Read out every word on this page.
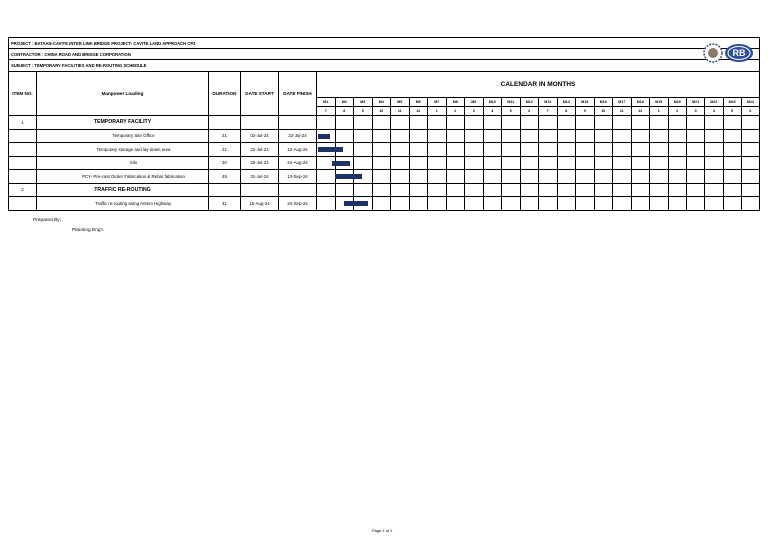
PROJECT : BATAAN-CAVITE INTER LINK BRIDGE PROJECT- CAVITE LAND APPROACH CP2
CONTRACTOR : CHINA ROAD AND BRIDGE CORPORATION
SUBJECT : TEMPORARY FACILITIES AND RE-ROUTING SCHEDULE
RB
ITEM NO.	Manpower Loading	DURATION	DATE START	DATE FINISH	CALENDAR IN MONTHS																							
					M1	M2	M3	M4	M5	M6	M7	M8	M9	M10	M11	M12	M13	M14	M15	M16	M17	M18	M19	M20	M21	M22	M23	M24
					7	8	9	10	11	12	1	2	3	4	5	6	7	8	9	10	11	12	1	2	3	4	5	6
1	TEMPORARY FACILITY																											
	Temporary Site Office	21	02-Jul-24	22-Jul-24	

	Temporary storage and lay-down area	21	22-Jul-24	12-Aug-24	

	Silo	30	26-Jul-24	24-Aug-24	

	PCY- Pre-cast Girder Fabrication & Rebar fabrication	45	31-Jul-24	13-Sep-24	

2	TRAFFIC RE-ROUTING																											
	Traffic re-routing along Antero Highway.	41	15-Aug-24	24-Sep-24	

Prepared By;
Planning Eng'r.
Page 1 of 1
